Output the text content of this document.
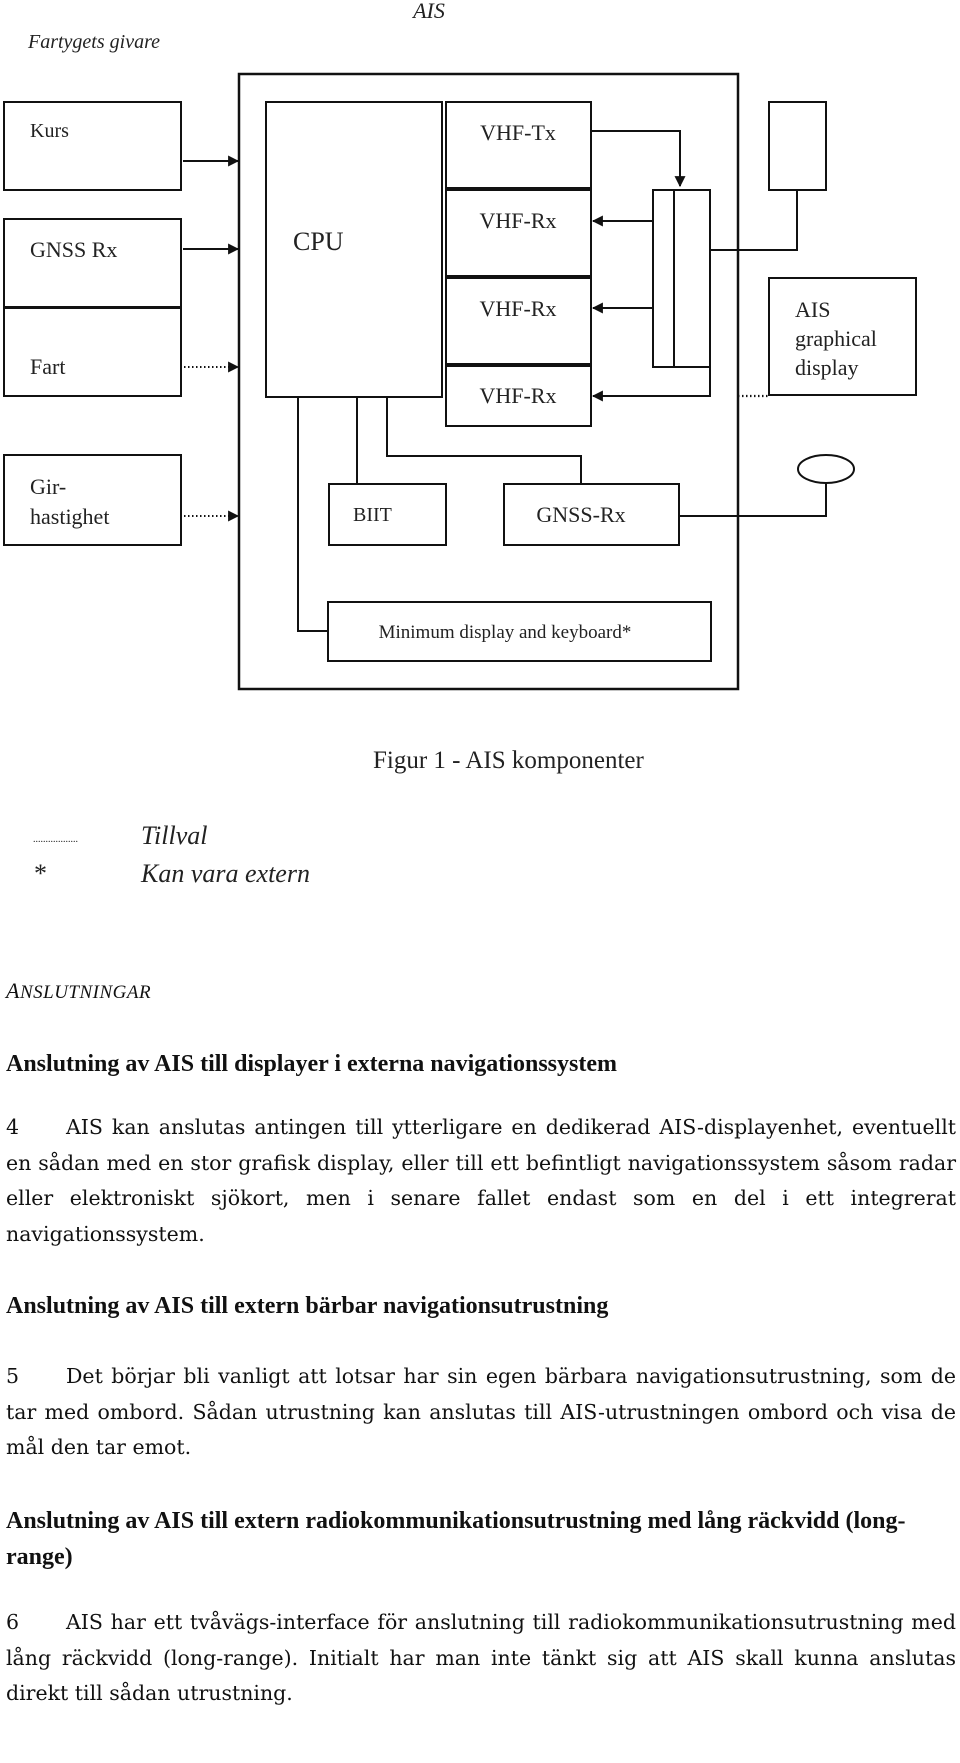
Fartygets givare
AIS
Kurs
GNSS Rx
Fart
Gir-
hastighet
CPU
VHF-Tx
VHF-Rx
VHF-Rx
VHF-Rx
AIS
graphical
display
BIIT	GNSS-Rx
Minimum display and keyboard*
Figur 1 - AIS komponenter
.................. Tillval
*	Kan vara extern

ANSLUTNINGAR

Anslutning av AIS till displayer i externa navigationssystem

4 AIS kan anslutas antingen till ytterligare en dedikerad AIS-displayenhet, eventuellt en sådan med en stor grafisk display, eller till ett befintligt navigationssystem såsom radar eller elektroniskt sjökort, men i senare fallet endast som en del i ett integrerat navigationssystem.

Anslutning av AIS till extern bärbar navigationsutrustning

5 Det börjar bli vanligt att lotsar har sin egen bärbara navigationsutrustning, som de tar med ombord. Sådan utrustning kan anslutas till AIS-utrustningen ombord och visa de mål den tar emot.

Anslutning av AIS till extern radiokommunikationsutrustning med lång räckvidd (long-range)

6 AIS har ett tvåvägs-interface för anslutning till radiokommunikationsutrustning med lång räckvidd (long-range). Initialt har man inte tänkt sig att AIS skall kunna anslutas direkt till sådan utrustning.
